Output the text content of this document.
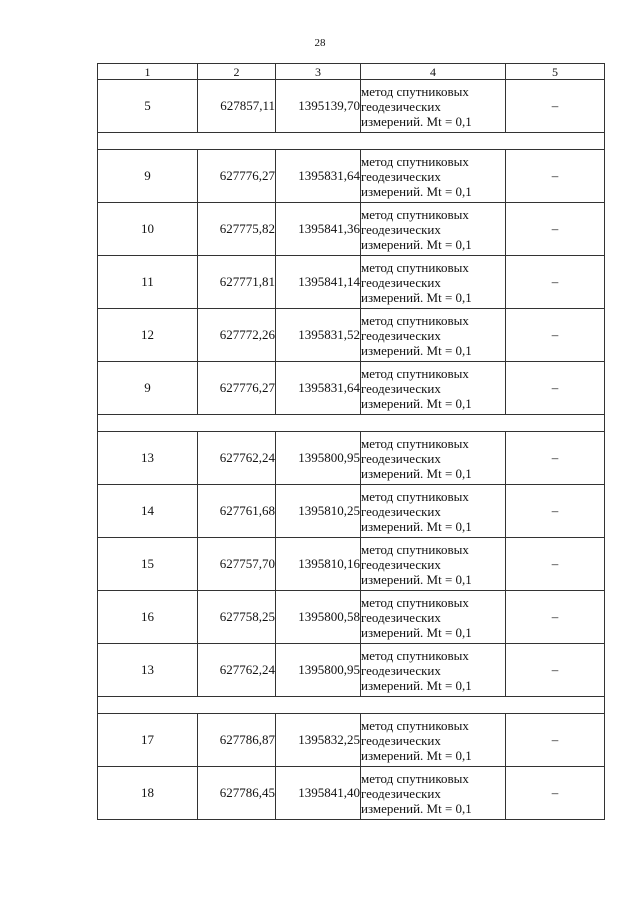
28
1	2	3	4	5
5	627857,11	1395139,70	метод спутниковых
геодезических
измерений. Mt = 0,1	–

9	627776,27	1395831,64	метод спутниковых
геодезических
измерений. Mt = 0,1	–
10	627775,82	1395841,36	метод спутниковых
геодезических
измерений. Mt = 0,1	–
11	627771,81	1395841,14	метод спутниковых
геодезических
измерений. Mt = 0,1	–
12	627772,26	1395831,52	метод спутниковых
геодезических
измерений. Mt = 0,1	–
9	627776,27	1395831,64	метод спутниковых
геодезических
измерений. Mt = 0,1	–

13	627762,24	1395800,95	метод спутниковых
геодезических
измерений. Mt = 0,1	–
14	627761,68	1395810,25	метод спутниковых
геодезических
измерений. Mt = 0,1	–
15	627757,70	1395810,16	метод спутниковых
геодезических
измерений. Mt = 0,1	–
16	627758,25	1395800,58	метод спутниковых
геодезических
измерений. Mt = 0,1	–
13	627762,24	1395800,95	метод спутниковых
геодезических
измерений. Mt = 0,1	–

17	627786,87	1395832,25	метод спутниковых
геодезических
измерений. Mt = 0,1	–
18	627786,45	1395841,40	метод спутниковых
геодезических
измерений. Mt = 0,1	–
